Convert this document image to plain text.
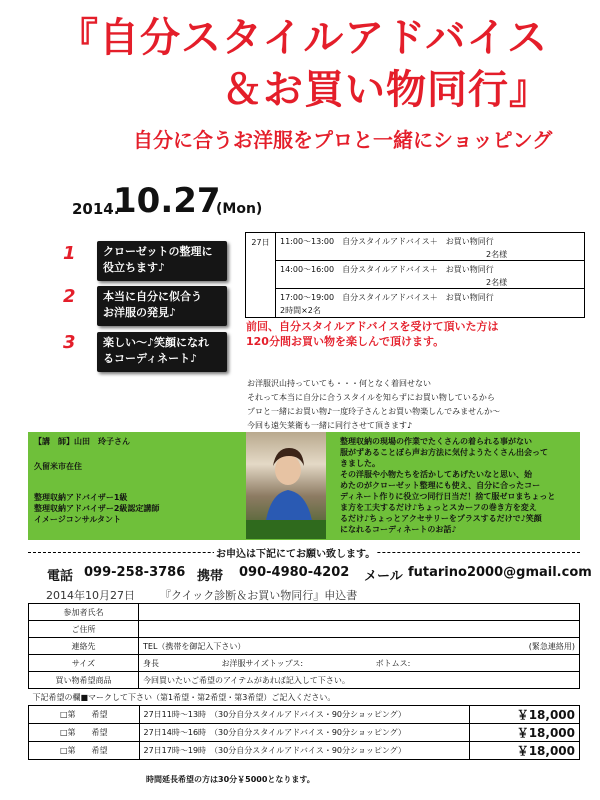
『自分スタイルアドバイス
＆お買い物同行』
自分に合うお洋服をプロと一緒にショッピング
2014.
10.27
(Mon)
1 クローゼットの整理に
役立ちます♪
2 本当に自分に似合う
お洋服の発見♪
3 楽しい～♪笑顔になれ
るコーディネート♪
27日	11:00～13:00　自分スタイルアドバイス＋　お買い物同行
2名様
14:00～16:00　自分スタイルアドバイス＋　お買い物同行
2名様
17:00～19:00　自分スタイルアドバイス＋　お買い物同行
2時間×2名
前回、自分スタイルアドバイスを受けて頂いた方は
120分間お買い物を楽しんで頂けます。
お洋服沢山持っていても・・・何となく着回せない
それって本当に自分に合うスタイルを知らずにお買い物しているから
プロと一緒にお買い物♪一度玲子さんとお買い物楽しんでみませんか～
今回も遠矢莱衛も一緒に同行させて頂きます♪
【講　師】山田　玲子さん
久留米市在住
整理収納アドバイザー1級
整理収納アドバイザー2級認定講師
イメージコンサルタント
整理収納の現場の作業でたくさんの着られる事がない
服がずあることぽら声お方法に気付ようたくさん出会って
きました。
その洋服や小物たちを活かしてあげたいなと思い、始
めたのがクローゼット整理にも使え、自分に合ったコー
ディネート作りに役立つ同行日当だ！捨て服ゼロまちょっと
ま方を工夫するだけ♪ちょっとスカーフの巻き方を変え
るだけ♪ちょっとアクセサリーをプラスするだけで♪笑顔
になれるコーディネートのお話♪
お申込は下記にてお願い致します。
電話 099-258-3786 携帯 090-4980-4202 メール futarino2000@gmail.com
2014年10月27日 『クイック診断＆お買い物同行』申込書
参加者氏名	
ご住所	
連絡先	TEL（携帯を御記入下さい）	(緊急連絡用)

サイズ	身長	お洋服サイズトップス:	ボトムス:
買い物希望商品	今回買いたいご希望のアイテムがあれば記入して下さい。
下記希望の欄■マークして下さい（第1希望・第2希望・第3希望）ご記入ください。

□第　　希望	27日11時～13時　 （30分自分スタイルアドバイス・90分ショッピング）	￥18,000
□第　　希望	27日14時～16時　 （30分自分スタイルアドバイス・90分ショッピング）	￥18,000
□第　　希望	27日17時～19時　 （30分自分スタイルアドバイス・90分ショッピング）	￥18,000
時間延長希望の方は30分￥5000となります。
